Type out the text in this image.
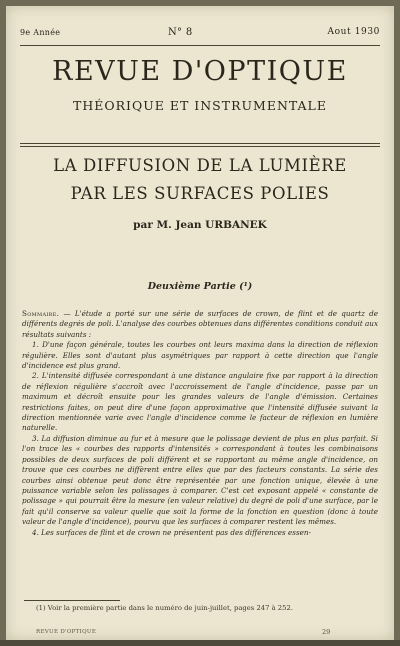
9e Année	N° 8	Aout 1930
REVUE D'OPTIQUE
THÉORIQUE ET INSTRUMENTALE
LA DIFFUSION DE LA LUMIÈRE
PAR LES SURFACES POLIES
par M. Jean URBANEK
Deuxième Partie (¹)

Sommaire. — L'étude a porté sur une série de surfaces de crown, de flint et de quartz de différents degrés de poli. L'analyse des courbes obtenues dans différentes conditions conduit aux résultats suivants :

1. D'une façon générale, toutes les courbes ont leurs maxima dans la direction de réflexion régulière. Elles sont d'autant plus asymétriques par rapport à cette direction que l'angle d'incidence est plus grand.

2. L'intensité diffusée correspondant à une distance angulaire fixe par rapport à la direction de réflexion régulière s'accroît avec l'accroissement de l'angle d'incidence, passe par un maximum et décroît ensuite pour les grandes valeurs de l'angle d'émission. Certaines restrictions faites, on peut dire d'une façon approximative que l'intensité diffusée suivant la direction mentionnée varie avec l'angle d'incidence comme le facteur de réflexion en lumière naturelle.

3. La diffusion diminue au fur et à mesure que le polissage devient de plus en plus parfait. Si l'on trace les « courbes des rapports d'intensités » correspondant à toutes les combinaisons possibles de deux surfaces de poli différent et se rapportant au même angle d'incidence, on trouve que ces courbes ne diffèrent entre elles que par des facteurs constants. La série des courbes ainsi obtenue peut donc être représentée par une fonction unique, élevée à une puissance variable selon les polissages à comparer. C'est cet exposant appelé « constante de polissage » qui pourrait être la mesure (en valeur relative) du degré de poli d'une surface, par le fait qu'il conserve sa valeur quelle que soit la forme de la fonction en question (donc à toute valeur de l'angle d'incidence), pourvu que les surfaces à comparer restent les mêmes.

4. Les surfaces de flint et de crown ne présentent pas des différences essen-

(1) Voir la première partie dans le numéro de juin-juillet, pages 247 à 252.
REVUE D'OPTIQUE	29
